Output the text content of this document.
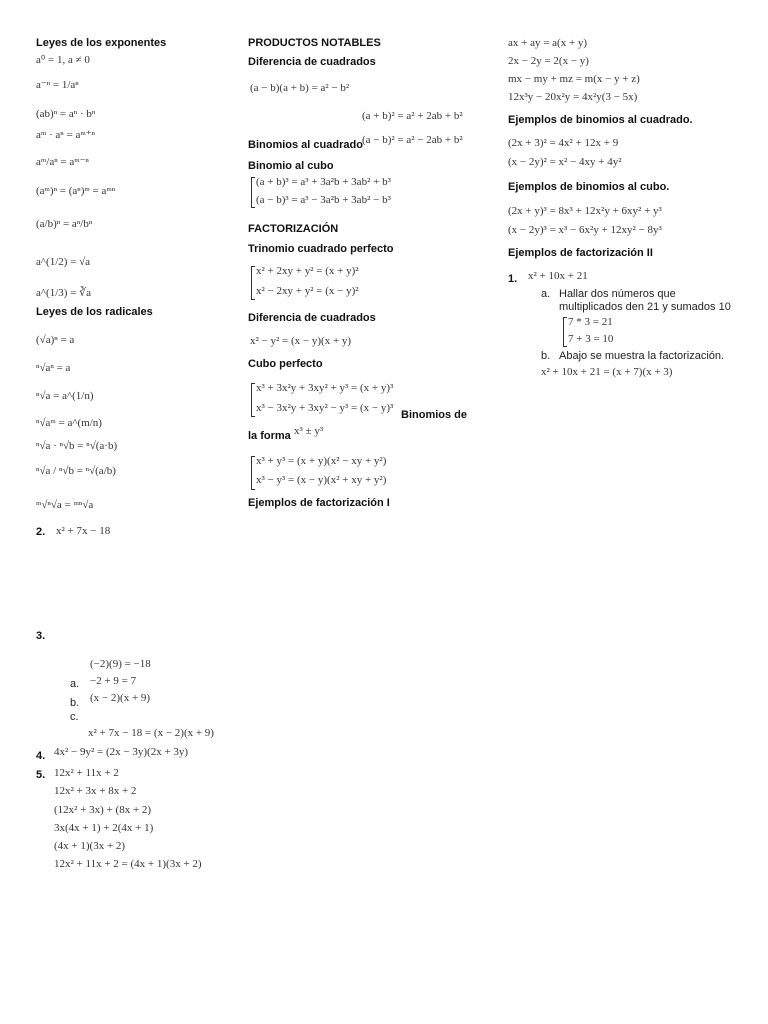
Leyes de los exponentes
a⁰ = 1, a ≠ 0
a⁻ⁿ = 1/aⁿ
(ab)ⁿ = aⁿ · bⁿ
aᵐ · aⁿ = aᵐ⁺ⁿ
aᵐ/aⁿ = aᵐ⁻ⁿ
(aᵐ)ⁿ = (aⁿ)ᵐ = aᵐⁿ
(a/b)ⁿ = aⁿ/bⁿ
a^(1/2) = √a
a^(1/3) = ∛a
Leyes de los radicales
(√a)ⁿ = a
ⁿ√aⁿ = a
ⁿ√a = a^(1/n)
ⁿ√aᵐ = a^(m/n)
ⁿ√a · ⁿ√b = ⁿ√(a·b)
ⁿ√a / ⁿ√b = ⁿ√(a/b)
ᵐ√ⁿ√a = ᵐⁿ√a
2. x² + 7x − 18
3.
(−2)(9) = −18
a. −2 + 9 = 7
b. (x − 2)(x + 9)
c.
x² + 7x − 18 = (x − 2)(x + 9)
4. 4x² − 9y² = (2x − 3y)(2x + 3y)
5. 12x² + 11x + 2
12x² + 3x + 8x + 2
(12x² + 3x) + (8x + 2)
3x(4x + 1) + 2(4x + 1)
(4x + 1)(3x + 2)
12x² + 11x + 2 = (4x + 1)(3x + 2)
PRODUCTOS NOTABLES
Diferencia de cuadrados
(a − b)(a + b) = a² − b²
(a + b)² = a² + 2ab + b²
Binomios al cuadrado (a − b)² = a² − 2ab + b²
Binomio al cubo
(a + b)³ = a³ + 3a²b + 3ab² + b³
(a − b)³ = a³ − 3a²b + 3ab² − b³
FACTORIZACIÓN
Trinomio cuadrado perfecto
x² + 2xy + y² = (x + y)²
x² − 2xy + y² = (x − y)²
Diferencia de cuadrados
x² − y² = (x − y)(x + y)
Cubo perfecto
x³ + 3x²y + 3xy² + y³ = (x + y)³
x³ − 3x²y + 3xy² − y³ = (x − y)³
Binomios de
la forma x³ ± y³
x³ + y³ = (x + y)(x² − xy + y²)
x³ − y³ = (x − y)(x² + xy + y²)
Ejemplos de factorización I
ax + ay = a(x + y)
2x − 2y = 2(x − y)
mx − my + mz = m(x − y + z)
12x³y − 20x²y = 4x²y(3 − 5x)
Ejemplos de binomios al cuadrado.
(2x + 3)² = 4x² + 12x + 9
(x − 2y)² = x² − 4xy + 4y²
Ejemplos de binomios al cubo.
(2x + y)³ = 8x³ + 12x²y + 6xy² + y³
(x − 2y)³ = x³ − 6x²y + 12xy² − 8y³
Ejemplos de factorización II
1. x² + 10x + 21
a. Hallar dos números que
multiplicados den 21 y sumados 10
7 * 3 = 21
7 + 3 = 10
b. Abajo se muestra la factorización.
x² + 10x + 21 = (x + 7)(x + 3)
